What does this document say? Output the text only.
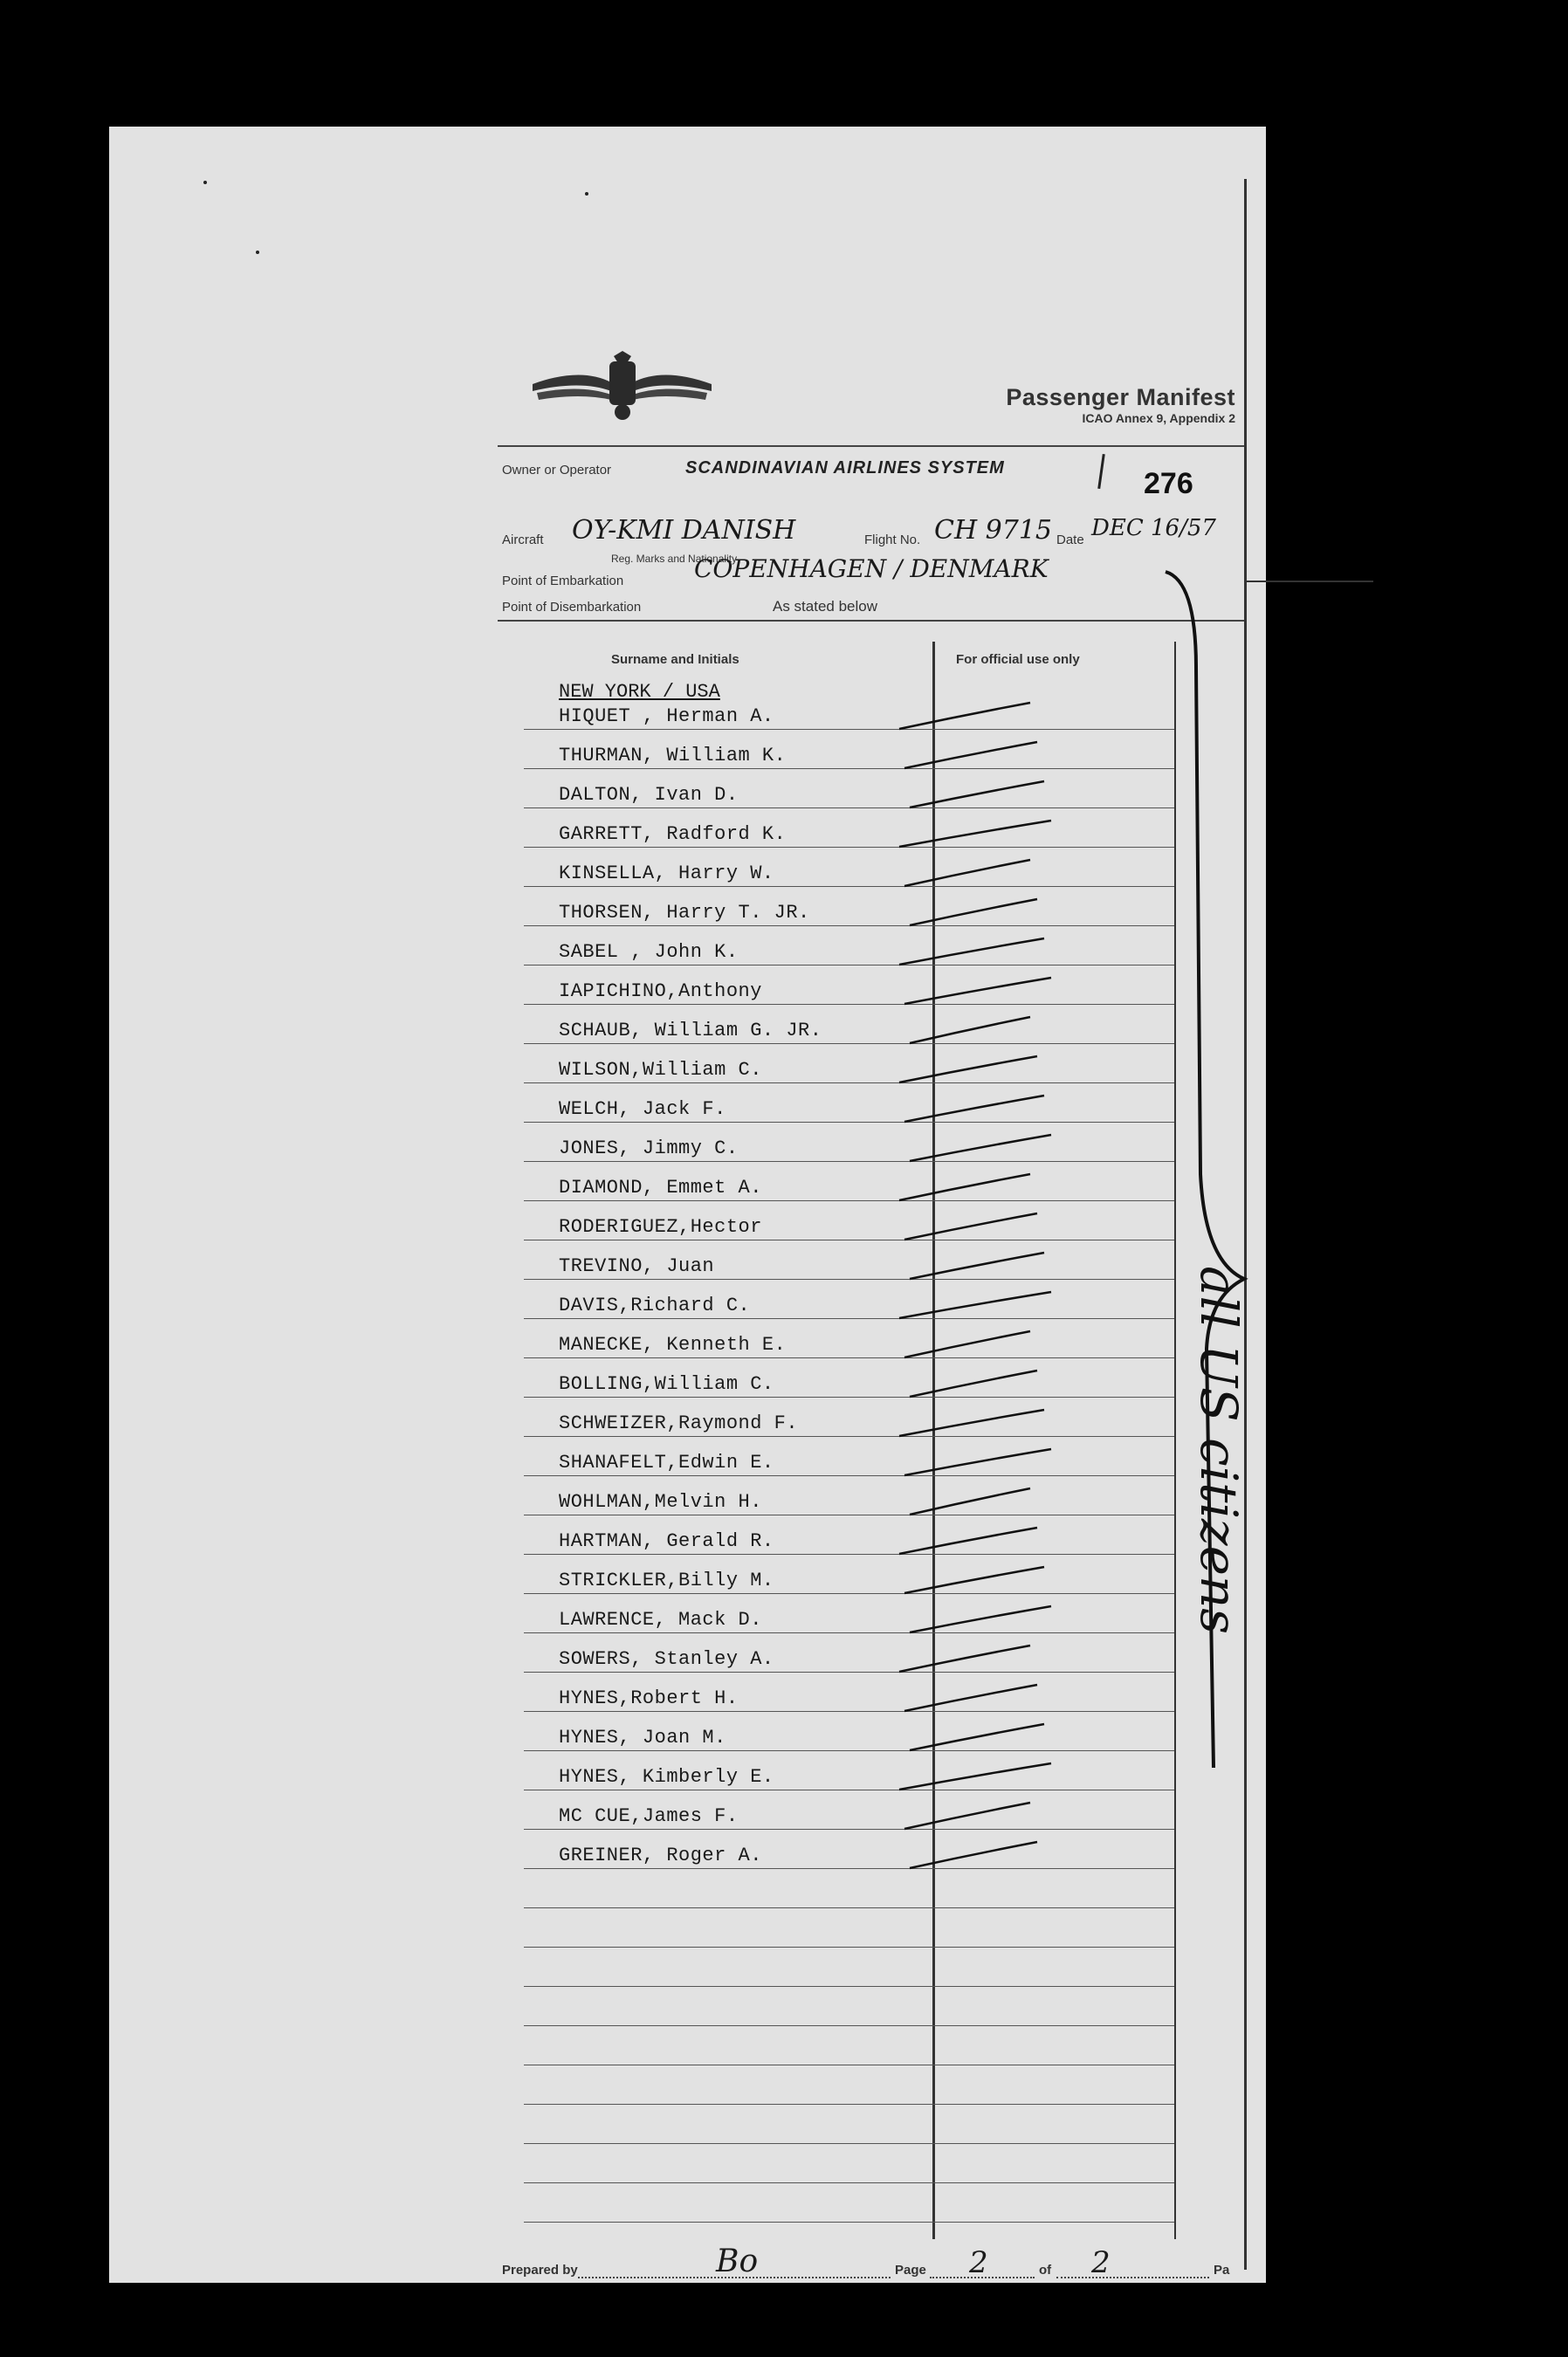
Passenger Manifest
ICAO Annex 9, Appendix 2
Owner or Operator	SCANDINAVIAN AIRLINES SYSTEM	276
Aircraft OY-KMI DANISH
Reg. Marks and Nationality
Flight No. CH 9715 Date DEC 16/57
Point of Embarkation	COPENHAGEN / DENMARK
Point of Disembarkation	As stated below
Surname and Initials	For official use only
NEW YORK / USA
HIQUET , Herman A.
THURMAN, William K.
DALTON, Ivan D.
GARRETT, Radford K.
KINSELLA, Harry W.
THORSEN, Harry T. JR.
SABEL , John K.
IAPICHINO,Anthony
SCHAUB, William G. JR.
WILSON,William C.
WELCH, Jack F.
JONES, Jimmy C.
DIAMOND, Emmet A.
RODERIGUEZ,Hector
TREVINO, Juan
DAVIS,Richard C.
MANECKE, Kenneth E.
BOLLING,William C.
SCHWEIZER,Raymond F.
SHANAFELT,Edwin E.
WOHLMAN,Melvin H.
HARTMAN, Gerald R.
STRICKLER,Billy M.
LAWRENCE, Mack D.
SOWERS, Stanley A.
HYNES,Robert H.
HYNES, Joan M.
HYNES, Kimberly E.
MC CUE,James F.
GREINER, Roger A.
Prepared by	Bo	Page 2	of 2	Pa
all US citizens
